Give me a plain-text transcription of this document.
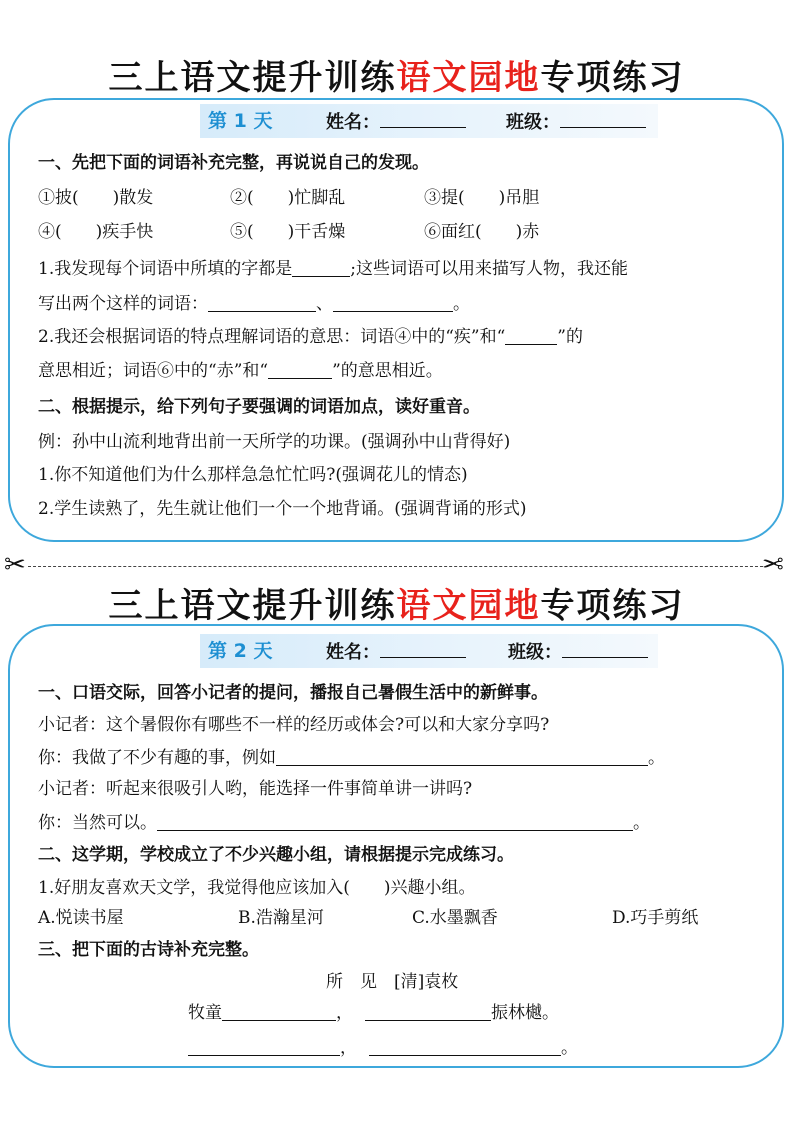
三上语文提升训练语文园地专项练习
第 1 天	姓名：	班级：
一、先把下面的词语补充完整，再说说自己的发现。
①披(　　)散发	②(　　)忙脚乱	③提(　　)吊胆
④(　　)疾手快	⑤(　　)干舌燥	⑥面红(　　)赤
1.我发现每个词语中所填的字都是	;这些词语可以用来描写人物，我还能
写出两个这样的词语：	、	。
2.我还会根据词语的特点理解词语的意思：词语④中的“疾”和“	”的
意思相近；词语⑥中的“赤”和“	”的意思相近。
二、根据提示，给下列句子要强调的词语加点，读好重音。
例：孙中山流利地背出前一天所学的功课。(强调孙中山背得好)
1.你不知道他们为什么那样急急忙忙吗?(强调花儿的情态)
2.学生读熟了，先生就让他们一个一个地背诵。(强调背诵的形式)
✂	✂
三上语文提升训练语文园地专项练习
第 2 天	姓名：	班级：
一、口语交际，回答小记者的提问，播报自己暑假生活中的新鲜事。
小记者：这个暑假你有哪些不一样的经历或体会?可以和大家分享吗?
你：我做了不少有趣的事，例如	。
小记者：听起来很吸引人哟，能选择一件事简单讲一讲吗?
你：当然可以。	。
二、这学期，学校成立了不少兴趣小组，请根据提示完成练习。
1.好朋友喜欢天文学，我觉得他应该加入(　　)兴趣小组。
A.悦读书屋	B.浩瀚星河	C.水墨飘香	D.巧手剪纸
三、把下面的古诗补充完整。
所　见　[清]袁枚
牧童	，	振林樾。
，	。
